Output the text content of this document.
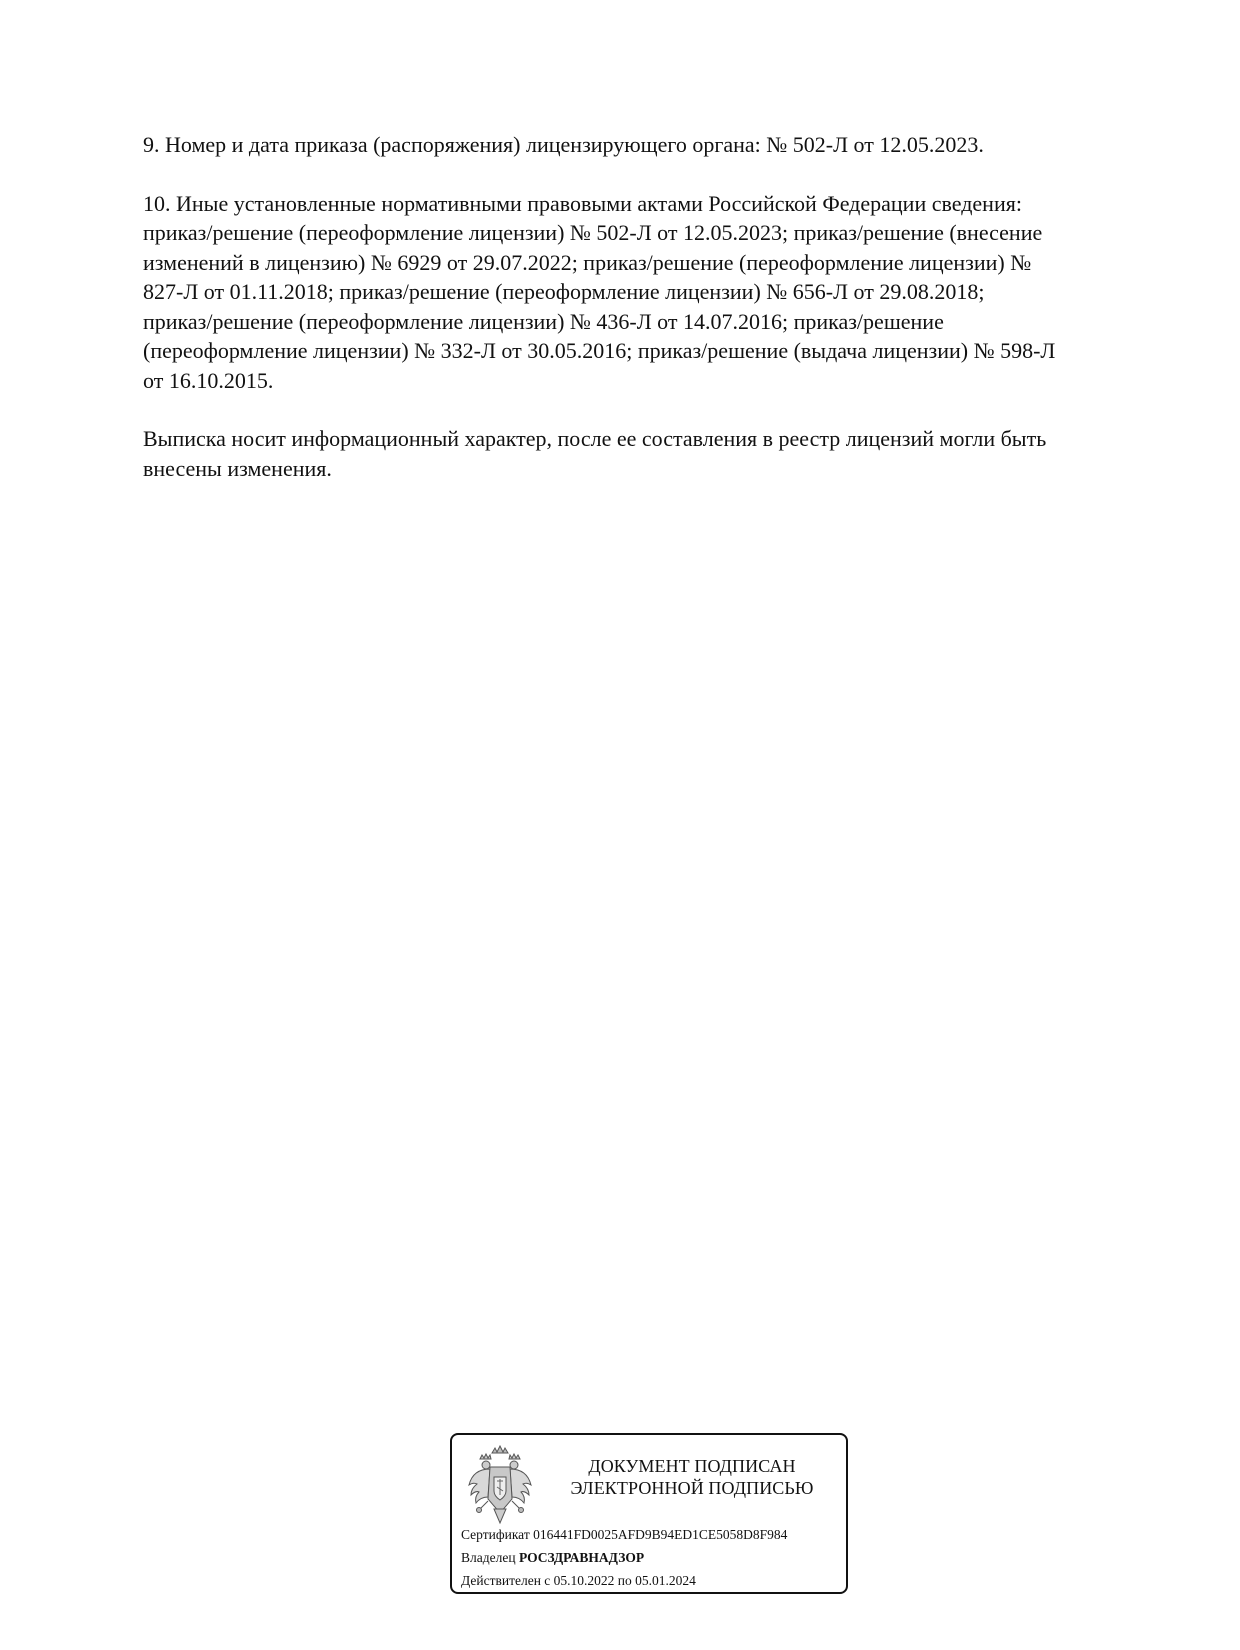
9. Номер и дата приказа (распоряжения) лицензирующего органа: № 502-Л от 12.05.2023.

10. Иные установленные нормативными правовыми актами Российской Федерации сведения:
приказ/решение (переоформление лицензии) № 502-Л от 12.05.2023; приказ/решение (внесение
изменений в лицензию) № 6929 от 29.07.2022; приказ/решение (переоформление лицензии) №
827-Л от 01.11.2018; приказ/решение (переоформление лицензии) № 656-Л от 29.08.2018;
приказ/решение (переоформление лицензии) № 436-Л от 14.07.2016; приказ/решение
(переоформление лицензии) № 332-Л от 30.05.2016; приказ/решение (выдача лицензии) № 598-Л
от 16.10.2015.

Выписка носит информационный характер, после ее составления в реестр лицензий могли быть
внесены изменения.

ДОКУМЕНТ ПОДПИСАН
ЭЛЕКТРОННОЙ ПОДПИСЬЮ
Сертификат 016441FD0025AFD9B94ED1CE5058D8F984
Владелец РОСЗДРАВНАДЗОР
Действителен с 05.10.2022 по 05.01.2024
